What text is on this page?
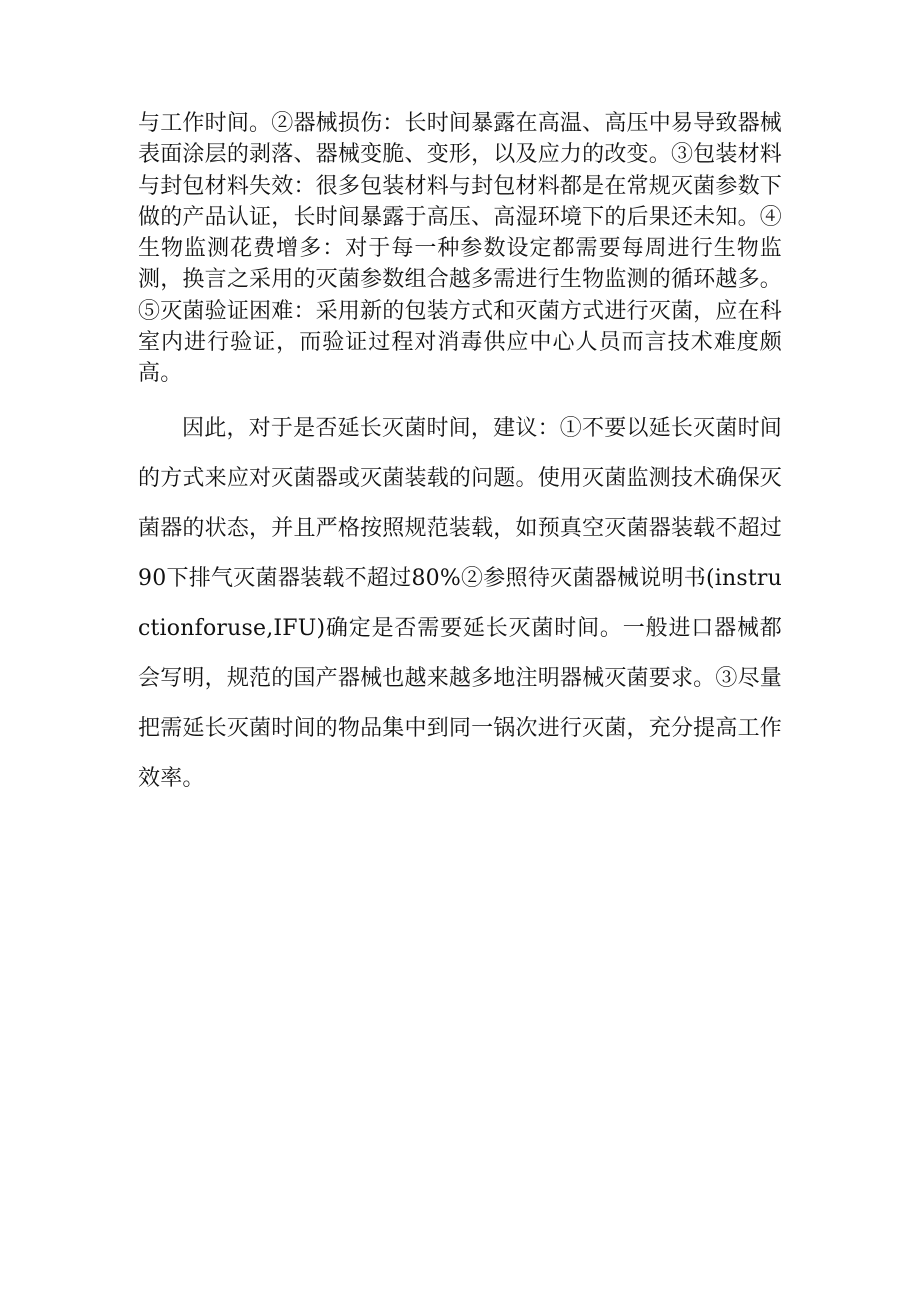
与工作时间。②器械损伤：长时间暴露在高温、高压中易导致器械表面涂层的剥落、器械变脆、变形，以及应力的改变。③包装材料与封包材料失效：很多包装材料与封包材料都是在常规灭菌参数下做的产品认证，长时间暴露于高压、高湿环境下的后果还未知。④生物监测花费增多：对于每一种参数设定都需要每周进行生物监测，换言之采用的灭菌参数组合越多需进行生物监测的循环越多。⑤灭菌验证困难：采用新的包装方式和灭菌方式进行灭菌，应在科室内进行验证，而验证过程对消毒供应中心人员而言技术难度颇高。

因此，对于是否延长灭菌时间，建议：①不要以延长灭菌时间的方式来应对灭菌器或灭菌装载的问题。使用灭菌监测技术确保灭菌器的状态，并且严格按照规范装载，如预真空灭菌器装载不超过90下排气灭菌器装载不超过80%②参照待灭菌器械说明书(instructionforuse,IFU)确定是否需要延长灭菌时间。一般进口器械都会写明，规范的国产器械也越来越多地注明器械灭菌要求。③尽量把需延长灭菌时间的物品集中到同一锅次进行灭菌，充分提高工作效率。
